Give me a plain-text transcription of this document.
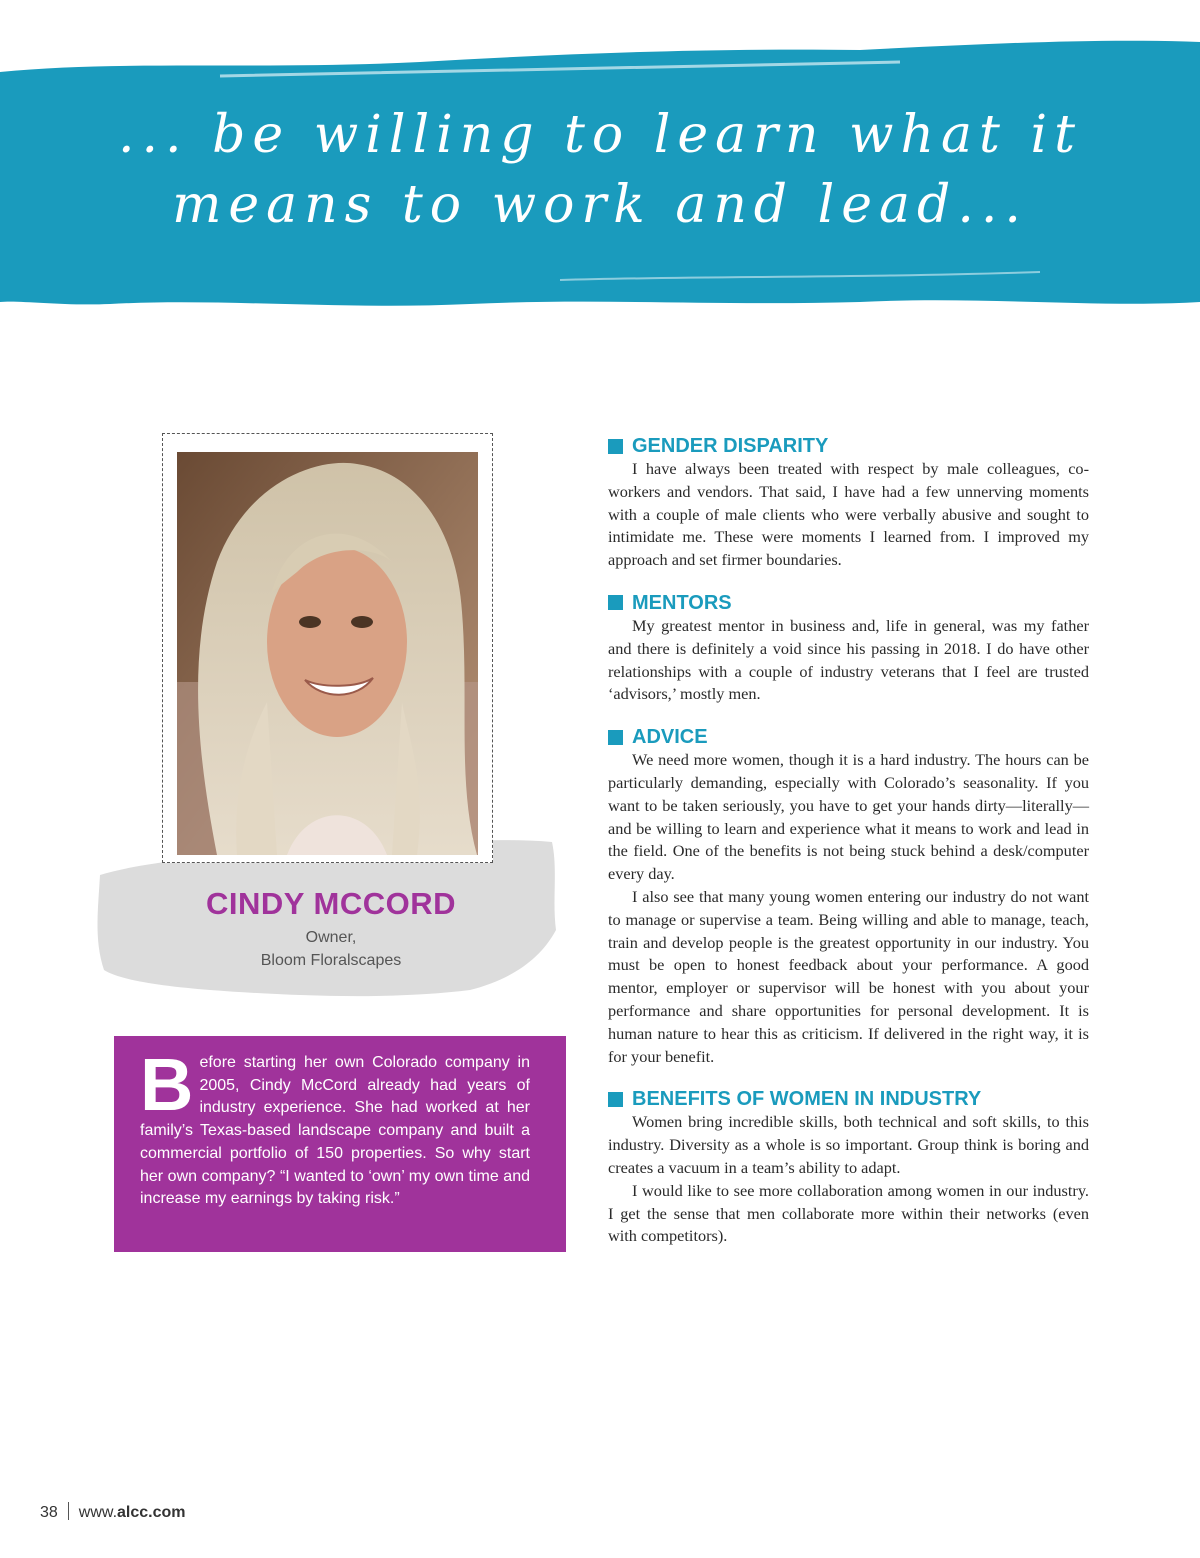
... be willing to learn what it
means to work and lead...
CINDY MCCORD
Owner,
Bloom Floralscapes
Before starting her own Colorado company in 2005, Cindy McCord already had years of industry experience. She had worked at her family’s Texas-based landscape company and built a commercial portfolio of 150 properties. So why start her own company? “I wanted to ‘own’ my own time and increase my earnings by taking risk.”
GENDER DISPARITY

I have always been treated with respect by male colleagues, co-workers and vendors. That said, I have had a few unnerving moments with a couple of male clients who were verbally abusive and sought to intimidate me. These were moments I learned from. I improved my approach and set firmer boundaries.

MENTORS

My greatest mentor in business and, life in general, was my father and there is definitely a void since his passing in 2018. I do have other relationships with a couple of industry veterans that I feel are trusted ‘advisors,’ mostly men.

ADVICE

We need more women, though it is a hard industry. The hours can be particularly demanding, especially with Colorado’s seasonality. If you want to be taken seriously, you have to get your hands dirty—literally—and be willing to learn and experience what it means to work and lead in the field. One of the benefits is not being stuck behind a desk/computer every day.

I also see that many young women entering our industry do not want to manage or supervise a team. Being willing and able to manage, teach, train and develop people is the greatest opportunity in our industry. You must be open to honest feedback about your performance. A good mentor, employer or supervisor will be honest with you about your performance and share opportunities for personal development. It is human nature to hear this as criticism. If delivered in the right way, it is for your benefit.

BENEFITS OF WOMEN IN INDUSTRY

Women bring incredible skills, both technical and soft skills, to this industry. Diversity as a whole is so important. Group think is boring and creates a vacuum in a team’s ability to adapt.

I would like to see more collaboration among women in our industry. I get the sense that men collaborate more within their networks (even with competitors).

38 www.alcc.com
